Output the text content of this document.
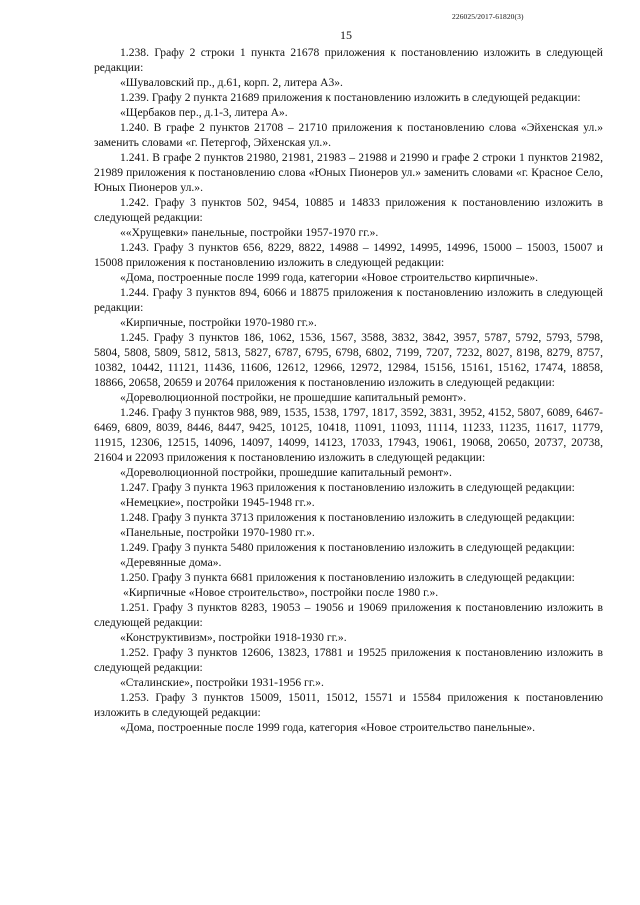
226025/2017-61820(3)
15

1.238. Графу 2 строки 1 пункта 21678 приложения к постановлению изложить в следующей редакции:

«Шуваловский пр., д.61, корп. 2, литера А3».

1.239. Графу 2 пункта 21689 приложения к постановлению изложить в следующей редакции:

«Щербаков пер., д.1-3, литера А».

1.240. В графе 2 пунктов 21708 – 21710 приложения к постановлению слова «Эйхенская ул.» заменить словами «г. Петергоф, Эйхенская ул.».

1.241. В графе 2 пунктов 21980, 21981, 21983 – 21988 и 21990 и графе 2 строки 1 пунктов 21982, 21989 приложения к постановлению слова «Юных Пионеров ул.» заменить словами «г. Красное Село, Юных Пионеров ул.».

1.242. Графу 3 пунктов 502, 9454, 10885 и 14833 приложения к постановлению изложить в следующей редакции:

««Хрущевки» панельные, постройки 1957-1970 гг.».

1.243. Графу 3 пунктов 656, 8229, 8822, 14988 – 14992, 14995, 14996, 15000 – 15003, 15007 и 15008 приложения к постановлению изложить в следующей редакции:

«Дома, построенные после 1999 года, категории «Новое строительство кирпичные».

1.244. Графу 3 пунктов 894, 6066 и 18875 приложения к постановлению изложить в следующей редакции:

«Кирпичные, постройки 1970-1980 гг.».

1.245. Графу 3 пунктов 186, 1062, 1536, 1567, 3588, 3832, 3842, 3957, 5787, 5792, 5793, 5798, 5804, 5808, 5809, 5812, 5813, 5827, 6787, 6795, 6798, 6802, 7199, 7207, 7232, 8027, 8198, 8279, 8757, 10382, 10442, 11121, 11436, 11606, 12612, 12966, 12972, 12984, 15156, 15161, 15162, 17474, 18858, 18866, 20658, 20659 и 20764 приложения к постановлению изложить в следующей редакции:

«Дореволюционной постройки, не прошедшие капитальный ремонт».

1.246. Графу 3 пунктов 988, 989, 1535, 1538, 1797, 1817, 3592, 3831, 3952, 4152, 5807, 6089, 6467- 6469, 6809, 8039, 8446, 8447, 9425, 10125, 10418, 11091, 11093, 11114, 11233, 11235, 11617, 11779, 11915, 12306, 12515, 14096, 14097, 14099, 14123, 17033, 17943, 19061, 19068, 20650, 20737, 20738, 21604 и 22093 приложения к постановлению изложить в следующей редакции:

«Дореволюционной постройки, прошедшие капитальный ремонт».

1.247. Графу 3 пункта 1963 приложения к постановлению изложить в следующей редакции:

«Немецкие», постройки 1945-1948 гг.».

1.248. Графу 3 пункта 3713 приложения к постановлению изложить в следующей редакции:

«Панельные, постройки 1970-1980 гг.».

1.249. Графу 3 пункта 5480 приложения к постановлению изложить в следующей редакции:

«Деревянные дома».

1.250. Графу 3 пункта 6681 приложения к постановлению изложить в следующей редакции:

«Кирпичные «Новое строительство», постройки после 1980 г.».

1.251. Графу 3 пунктов 8283, 19053 – 19056 и 19069 приложения к постановлению изложить в следующей редакции:

«Конструктивизм», постройки 1918-1930 гг.».

1.252. Графу 3 пунктов 12606, 13823, 17881 и 19525 приложения к постановлению изложить в следующей редакции:

«Сталинские», постройки 1931-1956 гг.».

1.253. Графу 3 пунктов 15009, 15011, 15012, 15571 и 15584 приложения к постановлению изложить в следующей редакции:

«Дома, построенные после 1999 года, категория «Новое строительство панельные».
